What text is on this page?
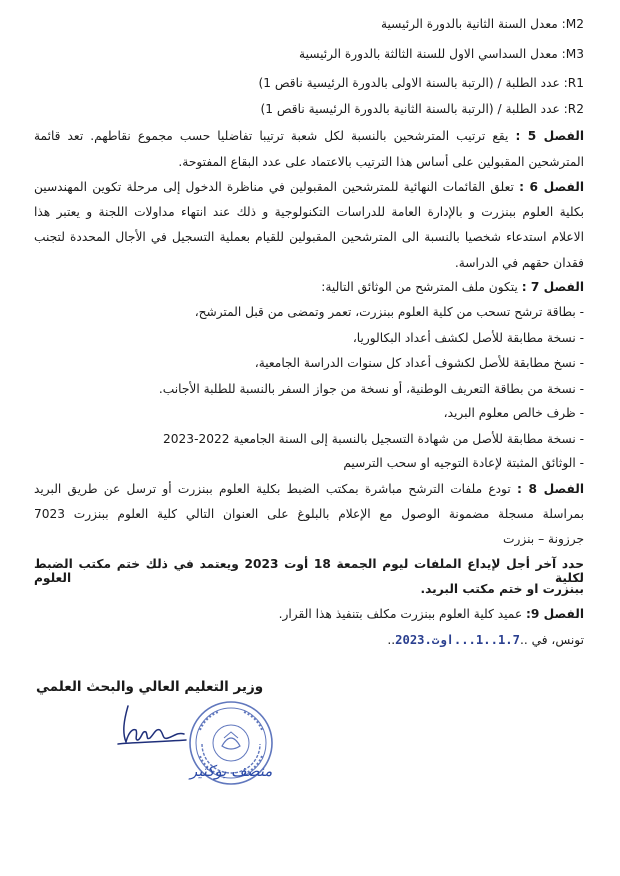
M2: معدل السنة الثانية بالدورة الرئيسية
M3: معدل السداسي الاول للسنة الثالثة بالدورة الرئيسية
R1: عدد الطلبة / (الرتبة بالسنة الاولى بالدورة الرئيسية ناقص 1)
R2: عدد الطلبة / (الرتبة بالسنة الثانية بالدورة الرئيسية ناقص 1)
الفصل 5 : يقع ترتيب المترشحين بالنسبة لكل شعبة ترتيبا تفاضليا حسب مجموع نقاطهم. تعد قائمة
المترشحين المقبولين على أساس هذا الترتيب بالاعتماد على عدد البقاع المفتوحة.
الفصل 6 : تعلق القائمات النهائية للمترشحين المقبولين في مناظرة الدخول إلى مرحلة تكوين المهندسين
بكلية العلوم ببنزرت و بالإدارة العامة للدراسات التكنولوجية و ذلك عند انتهاء مداولات اللجنة و يعتبر هذا
الاعلام استدعاء شخصيا بالنسبة الى المترشحين المقبولين للقيام بعملية التسجيل في الأجال المحددة لتجنب
فقدان حقهم في الدراسة.
الفصل 7 : يتكون ملف المترشح من الوثائق التالية:
- بطاقة ترشح تسحب من كلية العلوم ببنزرت، تعمر وتمضى من قبل المترشح،
- نسخة مطابقة للأصل لكشف أعداد البكالوريا،
- نسخ مطابقة للأصل لكشوف أعداد كل سنوات الدراسة الجامعية،
- نسخة من بطاقة التعريف الوطنية، أو نسخة من جواز السفر بالنسبة للطلبة الأجانب.
- ظرف خالص معلوم البريد،
- نسخة مطابقة للأصل من شهادة التسجيل بالنسبة إلى السنة الجامعية 2022-2023
- الوثائق المثبتة لإعادة التوجيه او سحب الترسيم
الفصل 8 : تودع ملفات الترشح مباشرة بمكتب الضبط بكلية العلوم ببنزرت أو ترسل عن طريق البريد
بمراسلة مسجلة مضمونة الوصول مع الإعلام بالبلوغ على العنوان التالي كلية العلوم ببنزرت 7023
جرزونة – بنزرت
حدد آخر أجل لإيداع الملفات ليوم الجمعة 18 أوت 2023 ويعتمد في ذلك ختم مكتب الضبط لكلية العلوم
ببنزرت او ختم مكتب البريد.
الفصل 9: عميد كلية العلوم ببنزرت مكلف بتنفيذ هذا القرار.
تونس، في ..1.7..1...اوت.2023..
وزير التعليم العالي والبحث العلمي
منصف بوكثير
